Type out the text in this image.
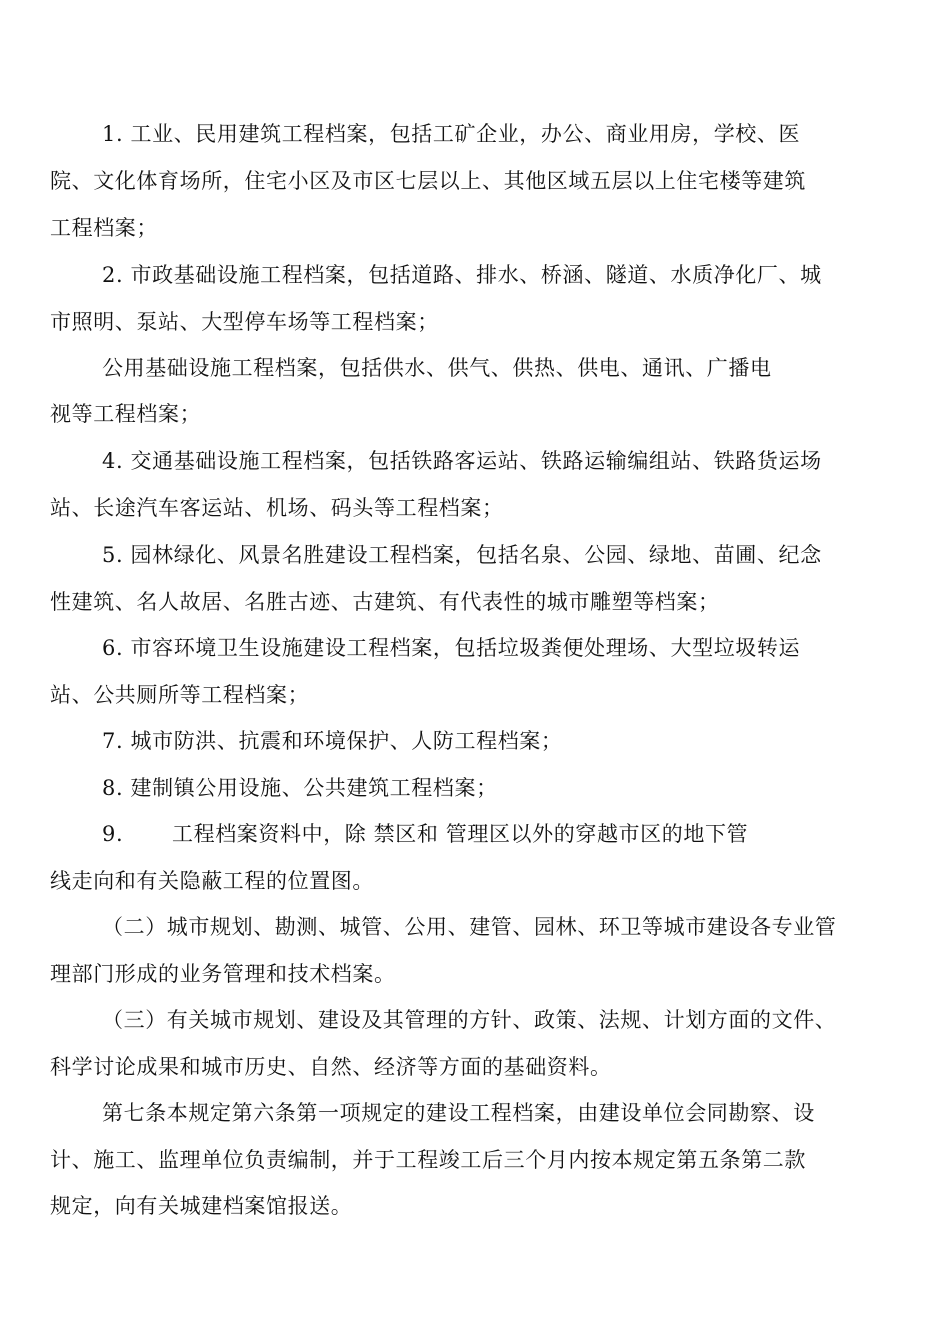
1. 工业、民用建筑工程档案，包括工矿企业，办公、商业用房，学校、医
院、文化体育场所，住宅小区及市区七层以上、其他区域五层以上住宅楼等建筑
工程档案；
2. 市政基础设施工程档案，包括道路、排水、桥涵、隧道、水质净化厂、城
市照明、泵站、大型停车场等工程档案；
公用基础设施工程档案，包括供水、供气、供热、供电、通讯、广播电
视等工程档案；
4. 交通基础设施工程档案，包括铁路客运站、铁路运输编组站、铁路货运场
站、长途汽车客运站、机场、码头等工程档案；
5. 园林绿化、风景名胜建设工程档案，包括名泉、公园、绿地、苗圃、纪念
性建筑、名人故居、名胜古迹、古建筑、有代表性的城市雕塑等档案；
6. 市容环境卫生设施建设工程档案，包括垃圾粪便处理场、大型垃圾转运
站、公共厕所等工程档案；
7. 城市防洪、抗震和环境保护、人防工程档案；
8. 建制镇公用设施、公共建筑工程档案；
9. 工程档案资料中，除 禁区和 管理区以外的穿越市区的地下管
线走向和有关隐蔽工程的位置图。
（二）城市规划、勘测、城管、公用、建管、园林、环卫等城市建设各专业管
理部门形成的业务管理和技术档案。
（三）有关城市规划、建设及其管理的方针、政策、法规、计划方面的文件、
科学讨论成果和城市历史、自然、经济等方面的基础资料。
第七条本规定第六条第一项规定的建设工程档案，由建设单位会同勘察、设
计、施工、监理单位负责编制，并于工程竣工后三个月内按本规定第五条第二款
规定，向有关城建档案馆报送。
